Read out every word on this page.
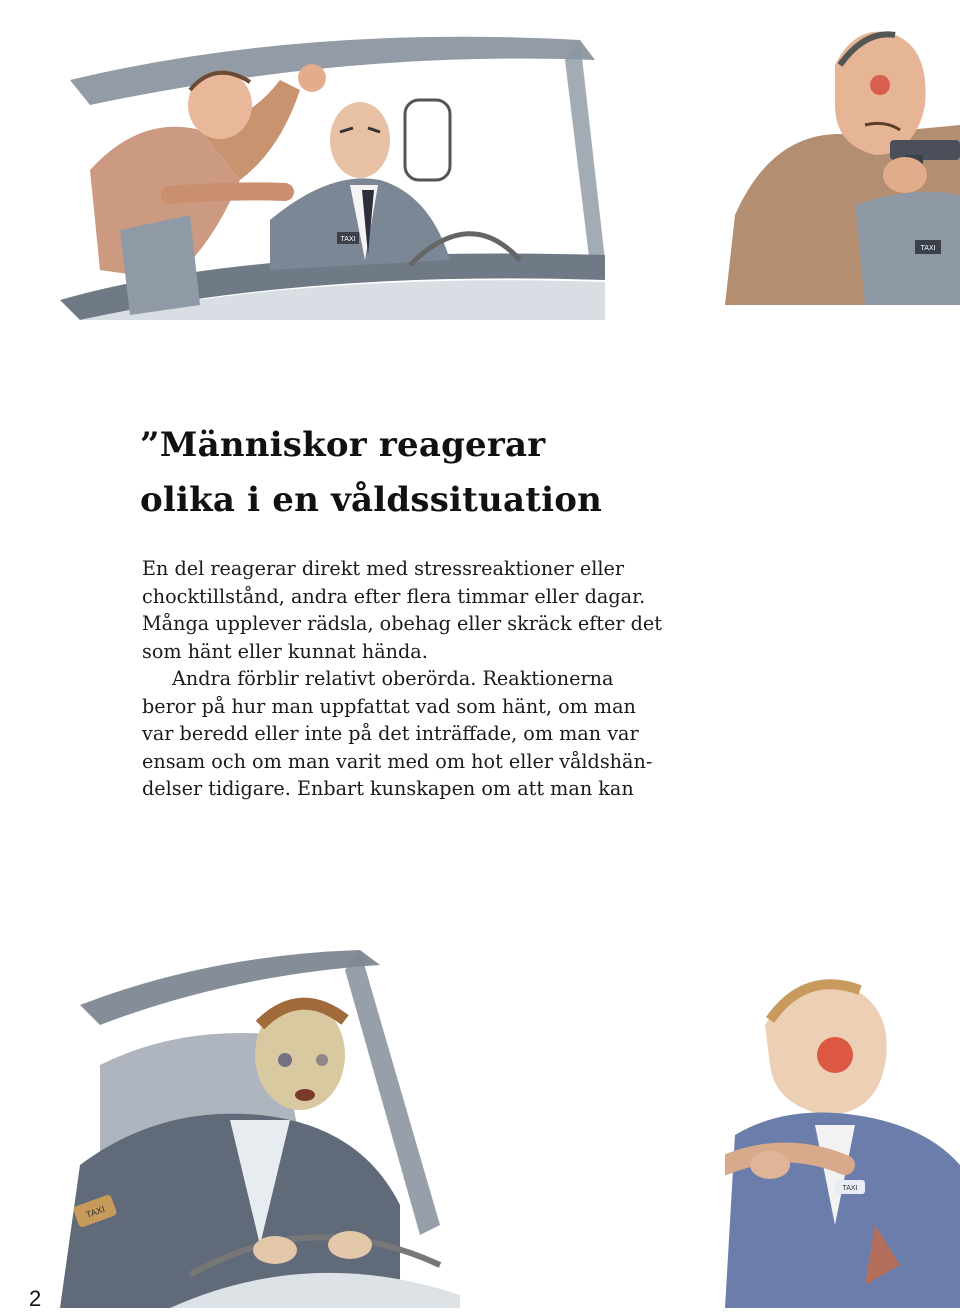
TAXI
TAXI
”Människor reagerar
olika i en våldssituation
En del reagerar direkt med stressreaktioner eller
chocktillstånd, andra efter flera timmar eller dagar.
Många upplever rädsla, obehag eller skräck efter det
som hänt eller kunnat hända.
Andra förblir relativt oberörda. Reaktionerna
beror på hur man uppfattat vad som hänt, om man
var beredd eller inte på det inträffade, om man var
ensam och om man varit med om hot eller våldshän-
delser tidigare. Enbart kunskapen om att man kan
TAXI
TAXI
2
